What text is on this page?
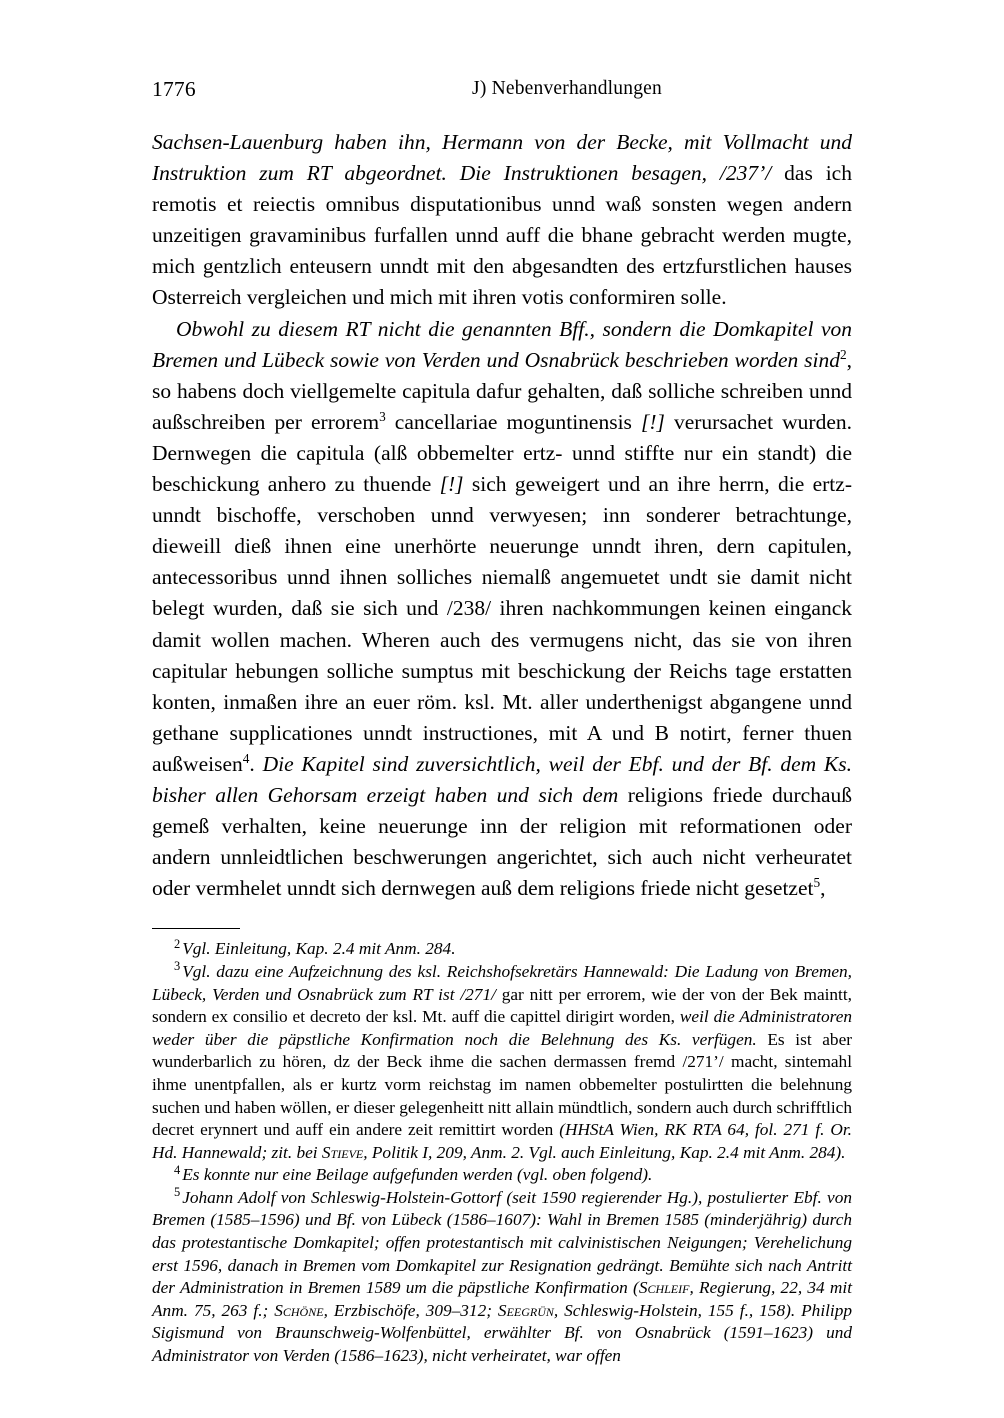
1776	J) Nebenverhandlungen

Sachsen-Lauenburg haben ihn, Hermann von der Becke, mit Vollmacht und Instruktion zum RT abgeordnet. Die Instruktionen besagen, /237’/ das ich remotis et reiectis omnibus disputationibus unnd waß sonsten wegen andern unzeitigen gravaminibus furfallen unnd auff die bhane gebracht werden mugte, mich gentzlich enteusern unndt mit den abgesandten des ertzfurstlichen hauses Osterreich vergleichen und mich mit ihren votis conformiren solle.

Obwohl zu diesem RT nicht die genannten Bff., sondern die Domkapitel von Bremen und Lübeck sowie von Verden und Osnabrück beschrieben worden sind$^2$, so habens doch viellgemelte capitula dafur gehalten, daß solliche schreiben unnd außschreiben per errorem$^3$ cancellariae moguntinensis [!] verursachet wurden. Dernwegen die capitula (alß obbemelter ertz- unnd stiffte nur ein standt) die beschickung anhero zu thuende [!] sich geweigert und an ihre herrn, die ertz- unndt bischoffe, verschoben unnd verwyesen; inn sonderer betrachtunge, dieweill dieß ihnen eine unerhörte neuerunge unndt ihren, dern capitulen, antecessoribus unnd ihnen solliches niemalß angemuetet undt sie damit nicht belegt wurden, daß sie sich und /238/ ihren nachkommungen keinen einganck damit wollen machen. Wheren auch des vermugens nicht, das sie von ihren capitular hebungen solliche sumptus mit beschickung der Reichs tage erstatten konten, inmaßen ihre an euer röm. ksl. Mt. aller underthenigst abgangene unnd gethane supplicationes unndt instructiones, mit A und B notirt, ferner thuen außweisen$^4$. Die Kapitel sind zuversichtlich, weil der Ebf. und der Bf. dem Ks. bisher allen Gehorsam erzeigt haben und sich dem religions friede durchauß gemeß verhalten, keine neuerunge inn der religion mit reformationen oder andern unnleidtlichen beschwerungen angerichtet, sich auch nicht verheuratet oder vermhelet unndt sich dernwegen auß dem religions friede nicht gesetzet$^5$,

$^2$ Vgl. Einleitung, Kap. 2.4 mit Anm. 284.

$^3$ Vgl. dazu eine Aufzeichnung des ksl. Reichshofsekretärs Hannewald: Die Ladung von Bremen, Lübeck, Verden und Osnabrück zum RT ist /271/ gar nitt per errorem, wie der von der Bek maintt, sondern ex consilio et decreto der ksl. Mt. auff die capittel dirigirt worden, weil die Administratoren weder über die päpstliche Konfirmation noch die Belehnung des Ks. verfügen. Es ist aber wunderbarlich zu hören, dz der Beck ihme die sachen dermassen fremd /271’/ macht, sintemahl ihme unentpfallen, als er kurtz vorm reichstag im namen obbemelter postulirtten die belehnung suchen und haben wöllen, er dieser gelegenheitt nitt allain mündtlich, sondern auch durch schrifftlich decret erynnert und auff ein andere zeit remittirt worden (HHStA Wien, RK RTA 64, fol. 271 f. Or. Hd. Hannewald; zit. bei Stieve, Politik I, 209, Anm. 2. Vgl. auch Einleitung, Kap. 2.4 mit Anm. 284).

$^4$ Es konnte nur eine Beilage aufgefunden werden (vgl. oben folgend).

$^5$ Johann Adolf von Schleswig-Holstein-Gottorf (seit 1590 regierender Hg.), postulierter Ebf. von Bremen (1585–1596) und Bf. von Lübeck (1586–1607): Wahl in Bremen 1585 (minderjährig) durch das protestantische Domkapitel; offen protestantisch mit calvinistischen Neigungen; Verehelichung erst 1596, danach in Bremen vom Domkapitel zur Resignation gedrängt. Bemühte sich nach Antritt der Administration in Bremen 1589 um die päpstliche Konfirmation (Schleif, Regierung, 22, 34 mit Anm. 75, 263 f.; Schöne, Erzbischöfe, 309–312; Seegrün, Schleswig-Holstein, 155 f., 158). Philipp Sigismund von Braunschweig-Wolfenbüttel, erwählter Bf. von Osnabrück (1591–1623) und Administrator von Verden (1586–1623), nicht verheiratet, war offen
